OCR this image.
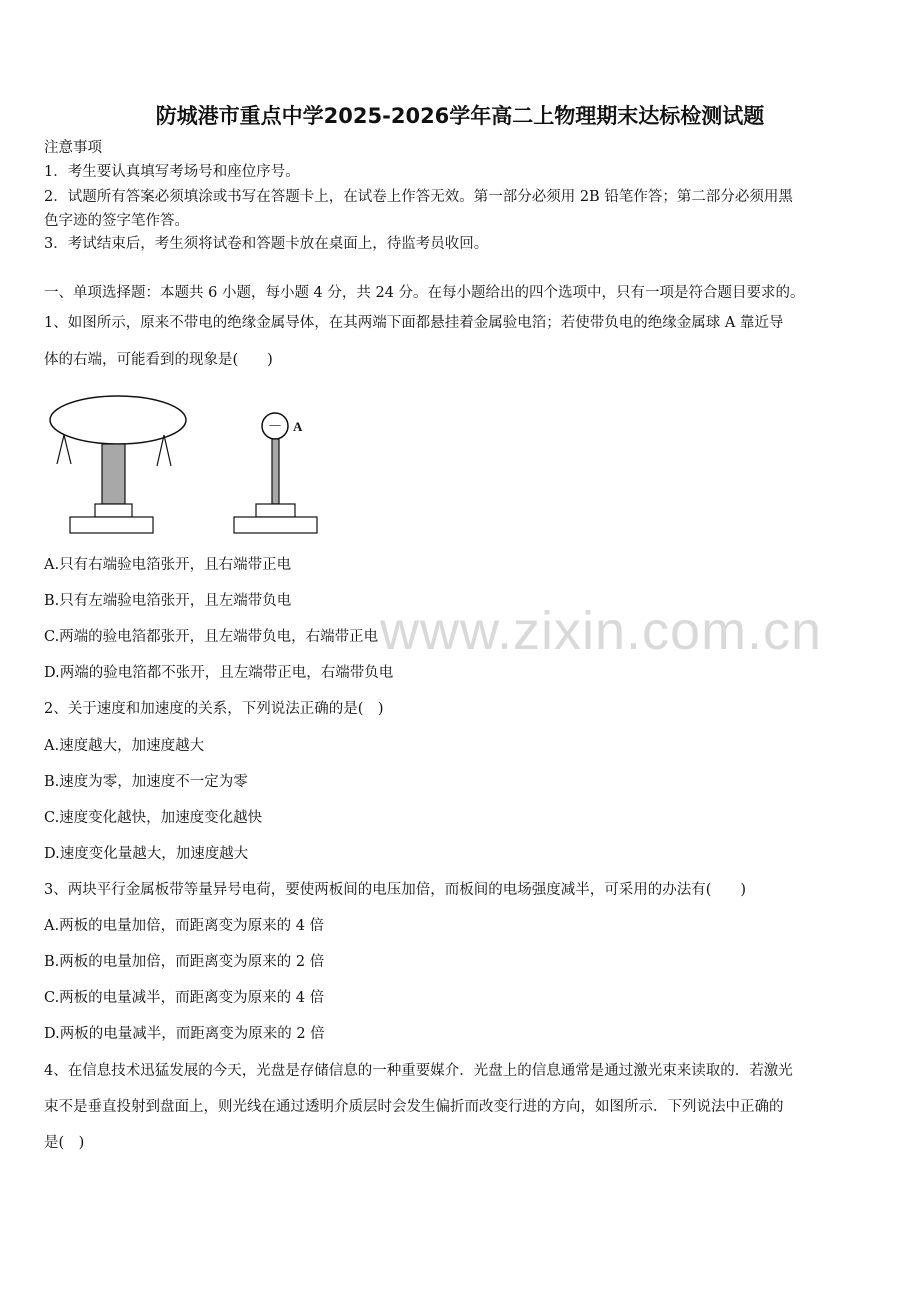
防城港市重点中学2025-2026学年高二上物理期末达标检测试题
注意事项
1．考生要认真填写考场号和座位序号。
2．试题所有答案必须填涂或书写在答题卡上，在试卷上作答无效。第一部分必须用 2B 铅笔作答；第二部分必须用黑
色字迹的签字笔作答。
3．考试结束后，考生须将试卷和答题卡放在桌面上，待监考员收回。
一、单项选择题：本题共 6 小题，每小题 4 分，共 24 分。在每小题给出的四个选项中，只有一项是符合题目要求的。
1、如图所示，原来不带电的绝缘金属导体，在其两端下面都悬挂着金属验电箔；若使带负电的绝缘金属球 A 靠近导
体的右端，可能看到的现象是(　　)
－ A
A.只有右端验电箔张开，且右端带正电
B.只有左端验电箔张开，且左端带负电
C.两端的验电箔都张开，且左端带负电，右端带正电
D.两端的验电箔都不张开，且左端带正电，右端带负电
2、关于速度和加速度的关系，下列说法正确的是(　)
A.速度越大，加速度越大
B.速度为零，加速度不一定为零
C.速度变化越快，加速度变化越快
D.速度变化量越大，加速度越大
3、两块平行金属板带等量异号电荷，要使两板间的电压加倍，而板间的电场强度减半，可采用的办法有(　　)
A.两板的电量加倍，而距离变为原来的 4 倍
B.两板的电量加倍，而距离变为原来的 2 倍
C.两板的电量减半，而距离变为原来的 4 倍
D.两板的电量减半，而距离变为原来的 2 倍
4、在信息技术迅猛发展的今天，光盘是存储信息的一种重要媒介．光盘上的信息通常是通过激光束来读取的．若激光
束不是垂直投射到盘面上，则光线在通过透明介质层时会发生偏折而改变行进的方向，如图所示．下列说法中正确的
是(　)
www.zixin.com.cn
